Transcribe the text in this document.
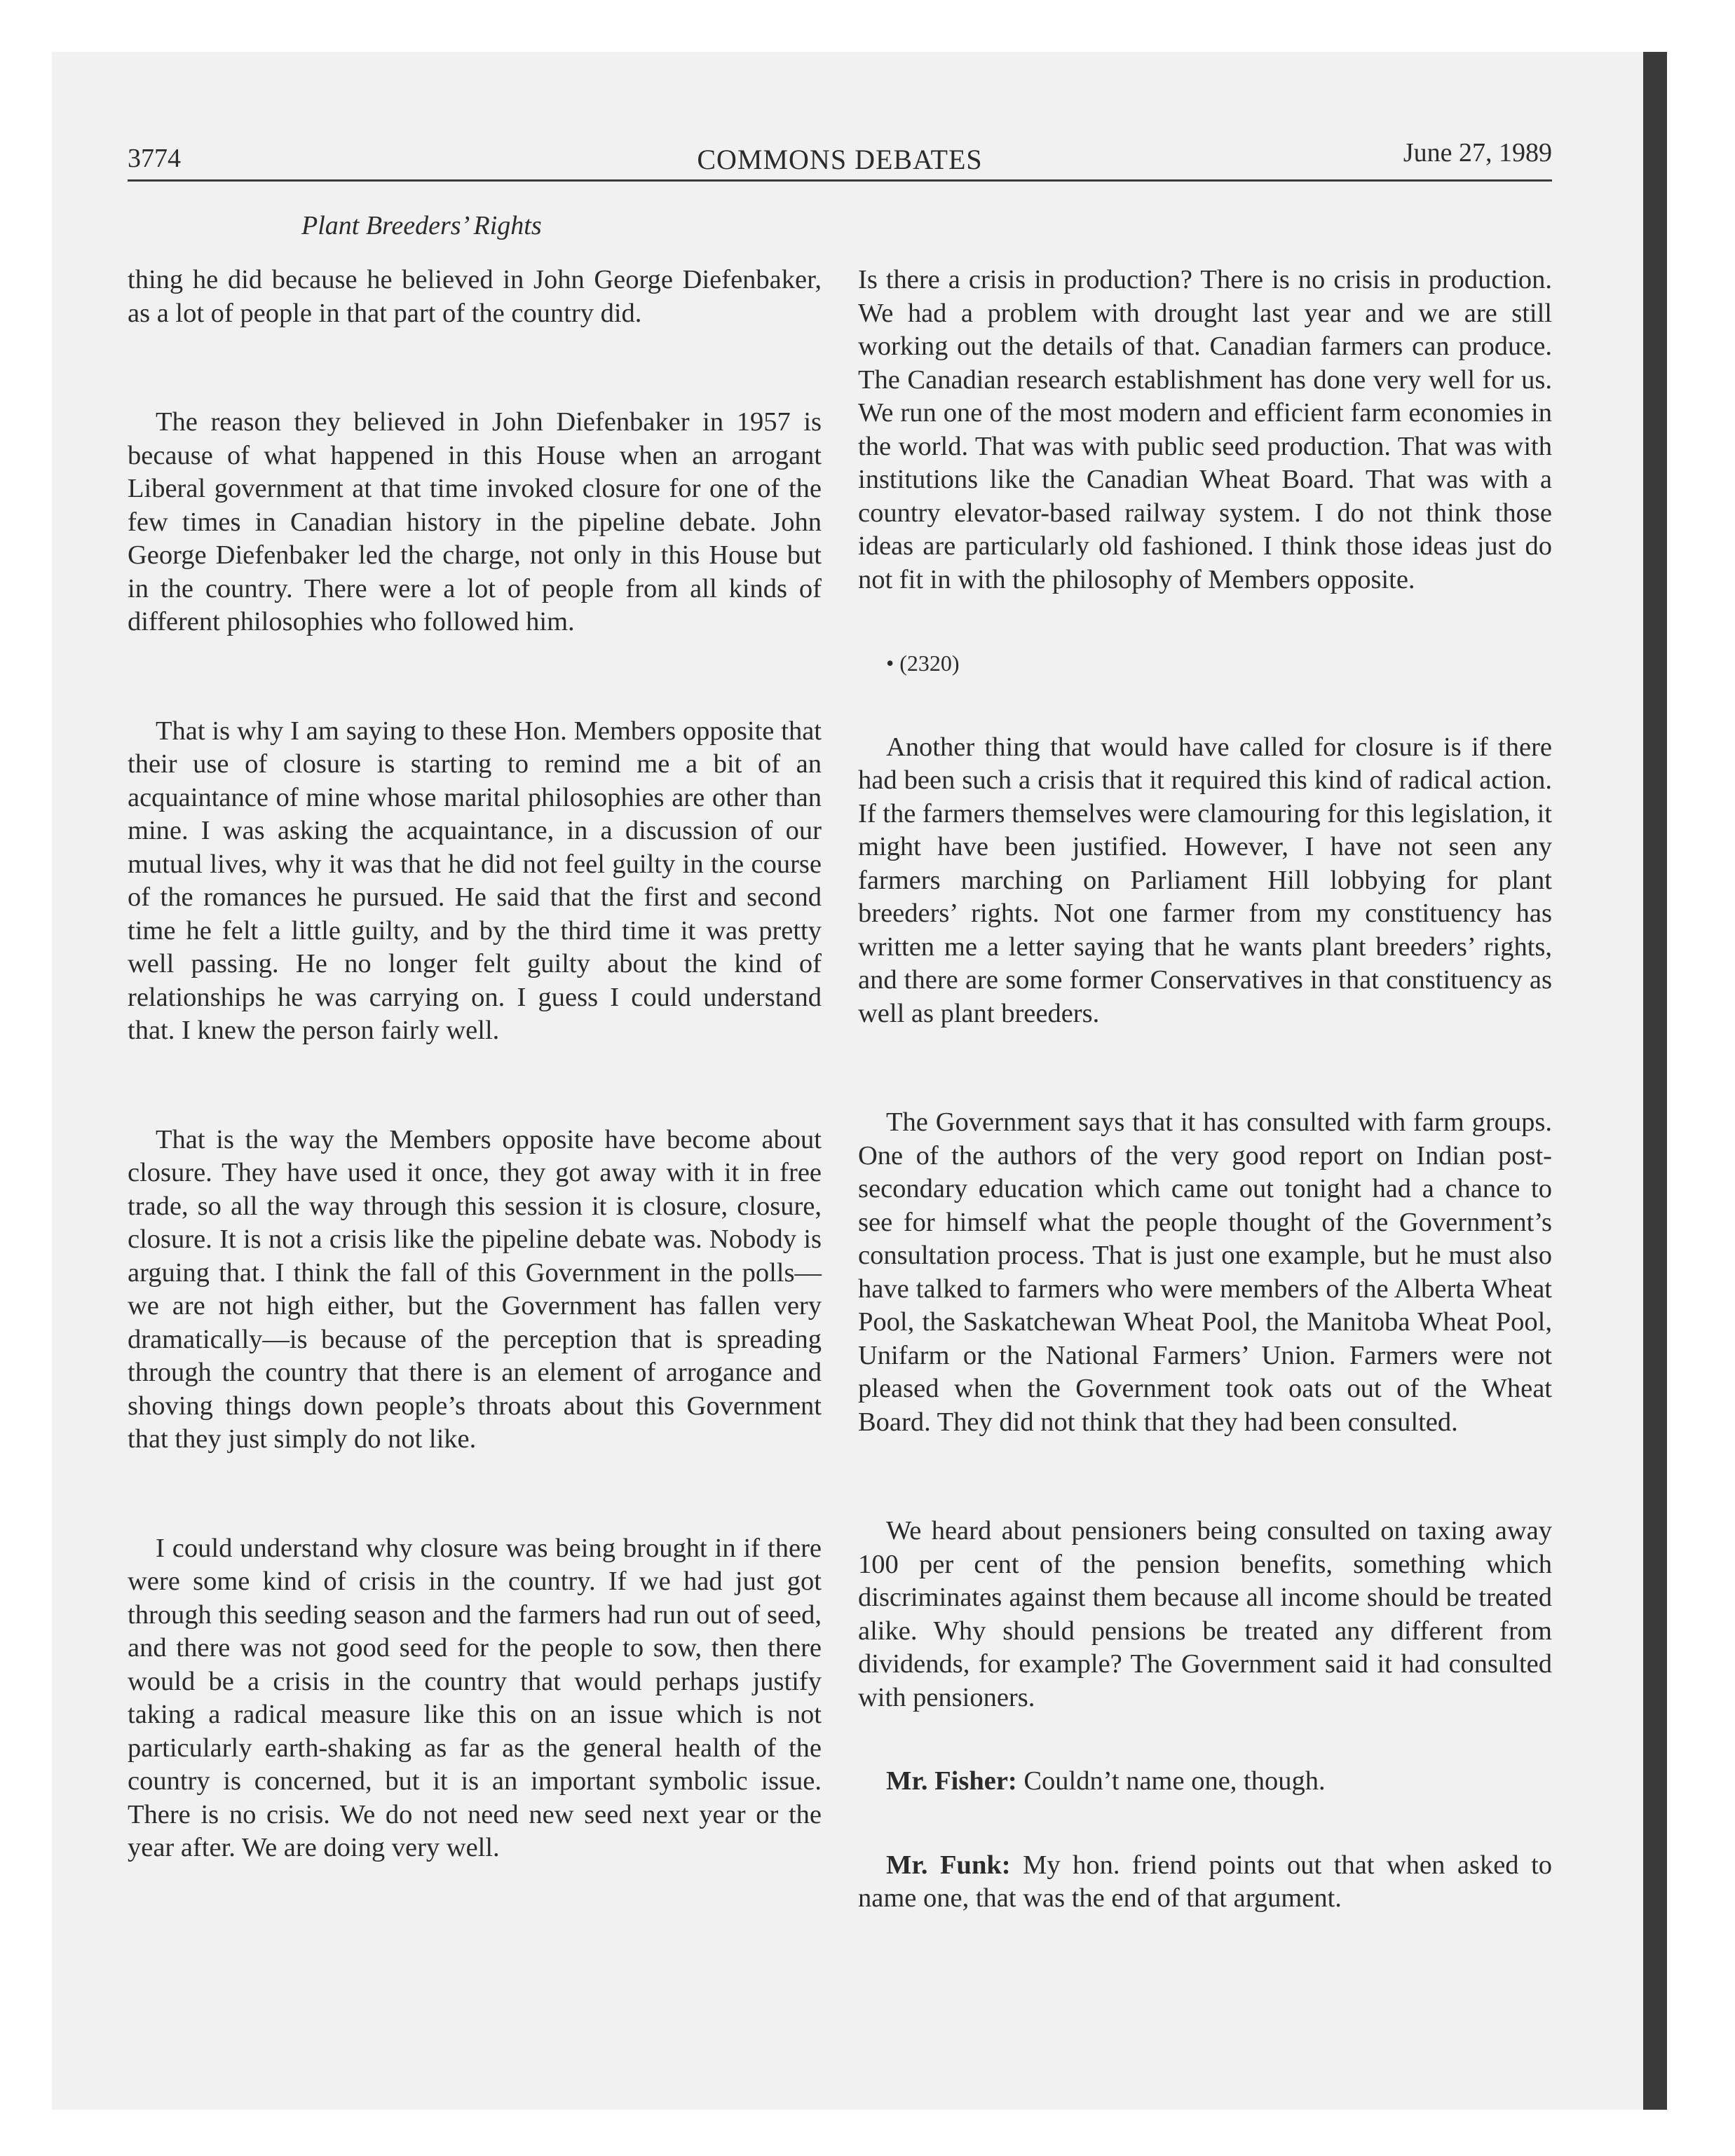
3774	COMMONS DEBATES	June 27, 1989
Plant Breeders’ Rights

thing he did because he believed in John George Diefenbaker, as a lot of people in that part of the country did.

The reason they believed in John Diefenbaker in 1957 is because of what happened in this House when an arrogant Liberal government at that time invoked closure for one of the few times in Canadian history in the pipeline debate. John George Diefenbaker led the charge, not only in this House but in the country. There were a lot of people from all kinds of different philosophies who followed him.

That is why I am saying to these Hon. Members opposite that their use of closure is starting to remind me a bit of an acquaintance of mine whose marital philosophies are other than mine. I was asking the acquaintance, in a discussion of our mutual lives, why it was that he did not feel guilty in the course of the romances he pursued. He said that the first and second time he felt a little guilty, and by the third time it was pretty well passing. He no longer felt guilty about the kind of relationships he was carrying on. I guess I could understand that. I knew the person fairly well.

That is the way the Members opposite have become about closure. They have used it once, they got away with it in free trade, so all the way through this session it is closure, closure, closure. It is not a crisis like the pipeline debate was. Nobody is arguing that. I think the fall of this Government in the polls—we are not high either, but the Government has fallen very dramatically—is because of the perception that is spreading through the country that there is an element of arrogance and shoving things down people’s throats about this Government that they just simply do not like.

I could understand why closure was being brought in if there were some kind of crisis in the country. If we had just got through this seeding season and the farmers had run out of seed, and there was not good seed for the people to sow, then there would be a crisis in the country that would perhaps justify taking a radical measure like this on an issue which is not particularly earth-shaking as far as the general health of the country is concerned, but it is an important symbolic issue. There is no crisis. We do not need new seed next year or the year after. We are doing very well.

Is there a crisis in production? There is no crisis in production. We had a problem with drought last year and we are still working out the details of that. Canadian farmers can produce. The Canadian research establishment has done very well for us. We run one of the most modern and efficient farm economies in the world. That was with public seed production. That was with institutions like the Canadian Wheat Board. That was with a country elevator-based railway system. I do not think those ideas are particularly old fashioned. I think those ideas just do not fit in with the philosophy of Members opposite.

• (2320)

Another thing that would have called for closure is if there had been such a crisis that it required this kind of radical action. If the farmers themselves were clamouring for this legislation, it might have been justified. However, I have not seen any farmers marching on Parliament Hill lobbying for plant breeders’ rights. Not one farmer from my constituency has written me a letter saying that he wants plant breeders’ rights, and there are some former Conservatives in that constituency as well as plant breeders.

The Government says that it has consulted with farm groups. One of the authors of the very good report on Indian post-secondary education which came out tonight had a chance to see for himself what the people thought of the Government’s consultation process. That is just one example, but he must also have talked to farmers who were members of the Alberta Wheat Pool, the Saskatchewan Wheat Pool, the Manitoba Wheat Pool, Unifarm or the National Farmers’ Union. Farmers were not pleased when the Government took oats out of the Wheat Board. They did not think that they had been consulted.

We heard about pensioners being consulted on taxing away 100 per cent of the pension benefits, something which discriminates against them because all income should be treated alike. Why should pensions be treated any different from dividends, for example? The Government said it had consulted with pensioners.

Mr. Fisher: Couldn’t name one, though.

Mr. Funk: My hon. friend points out that when asked to name one, that was the end of that argument.
